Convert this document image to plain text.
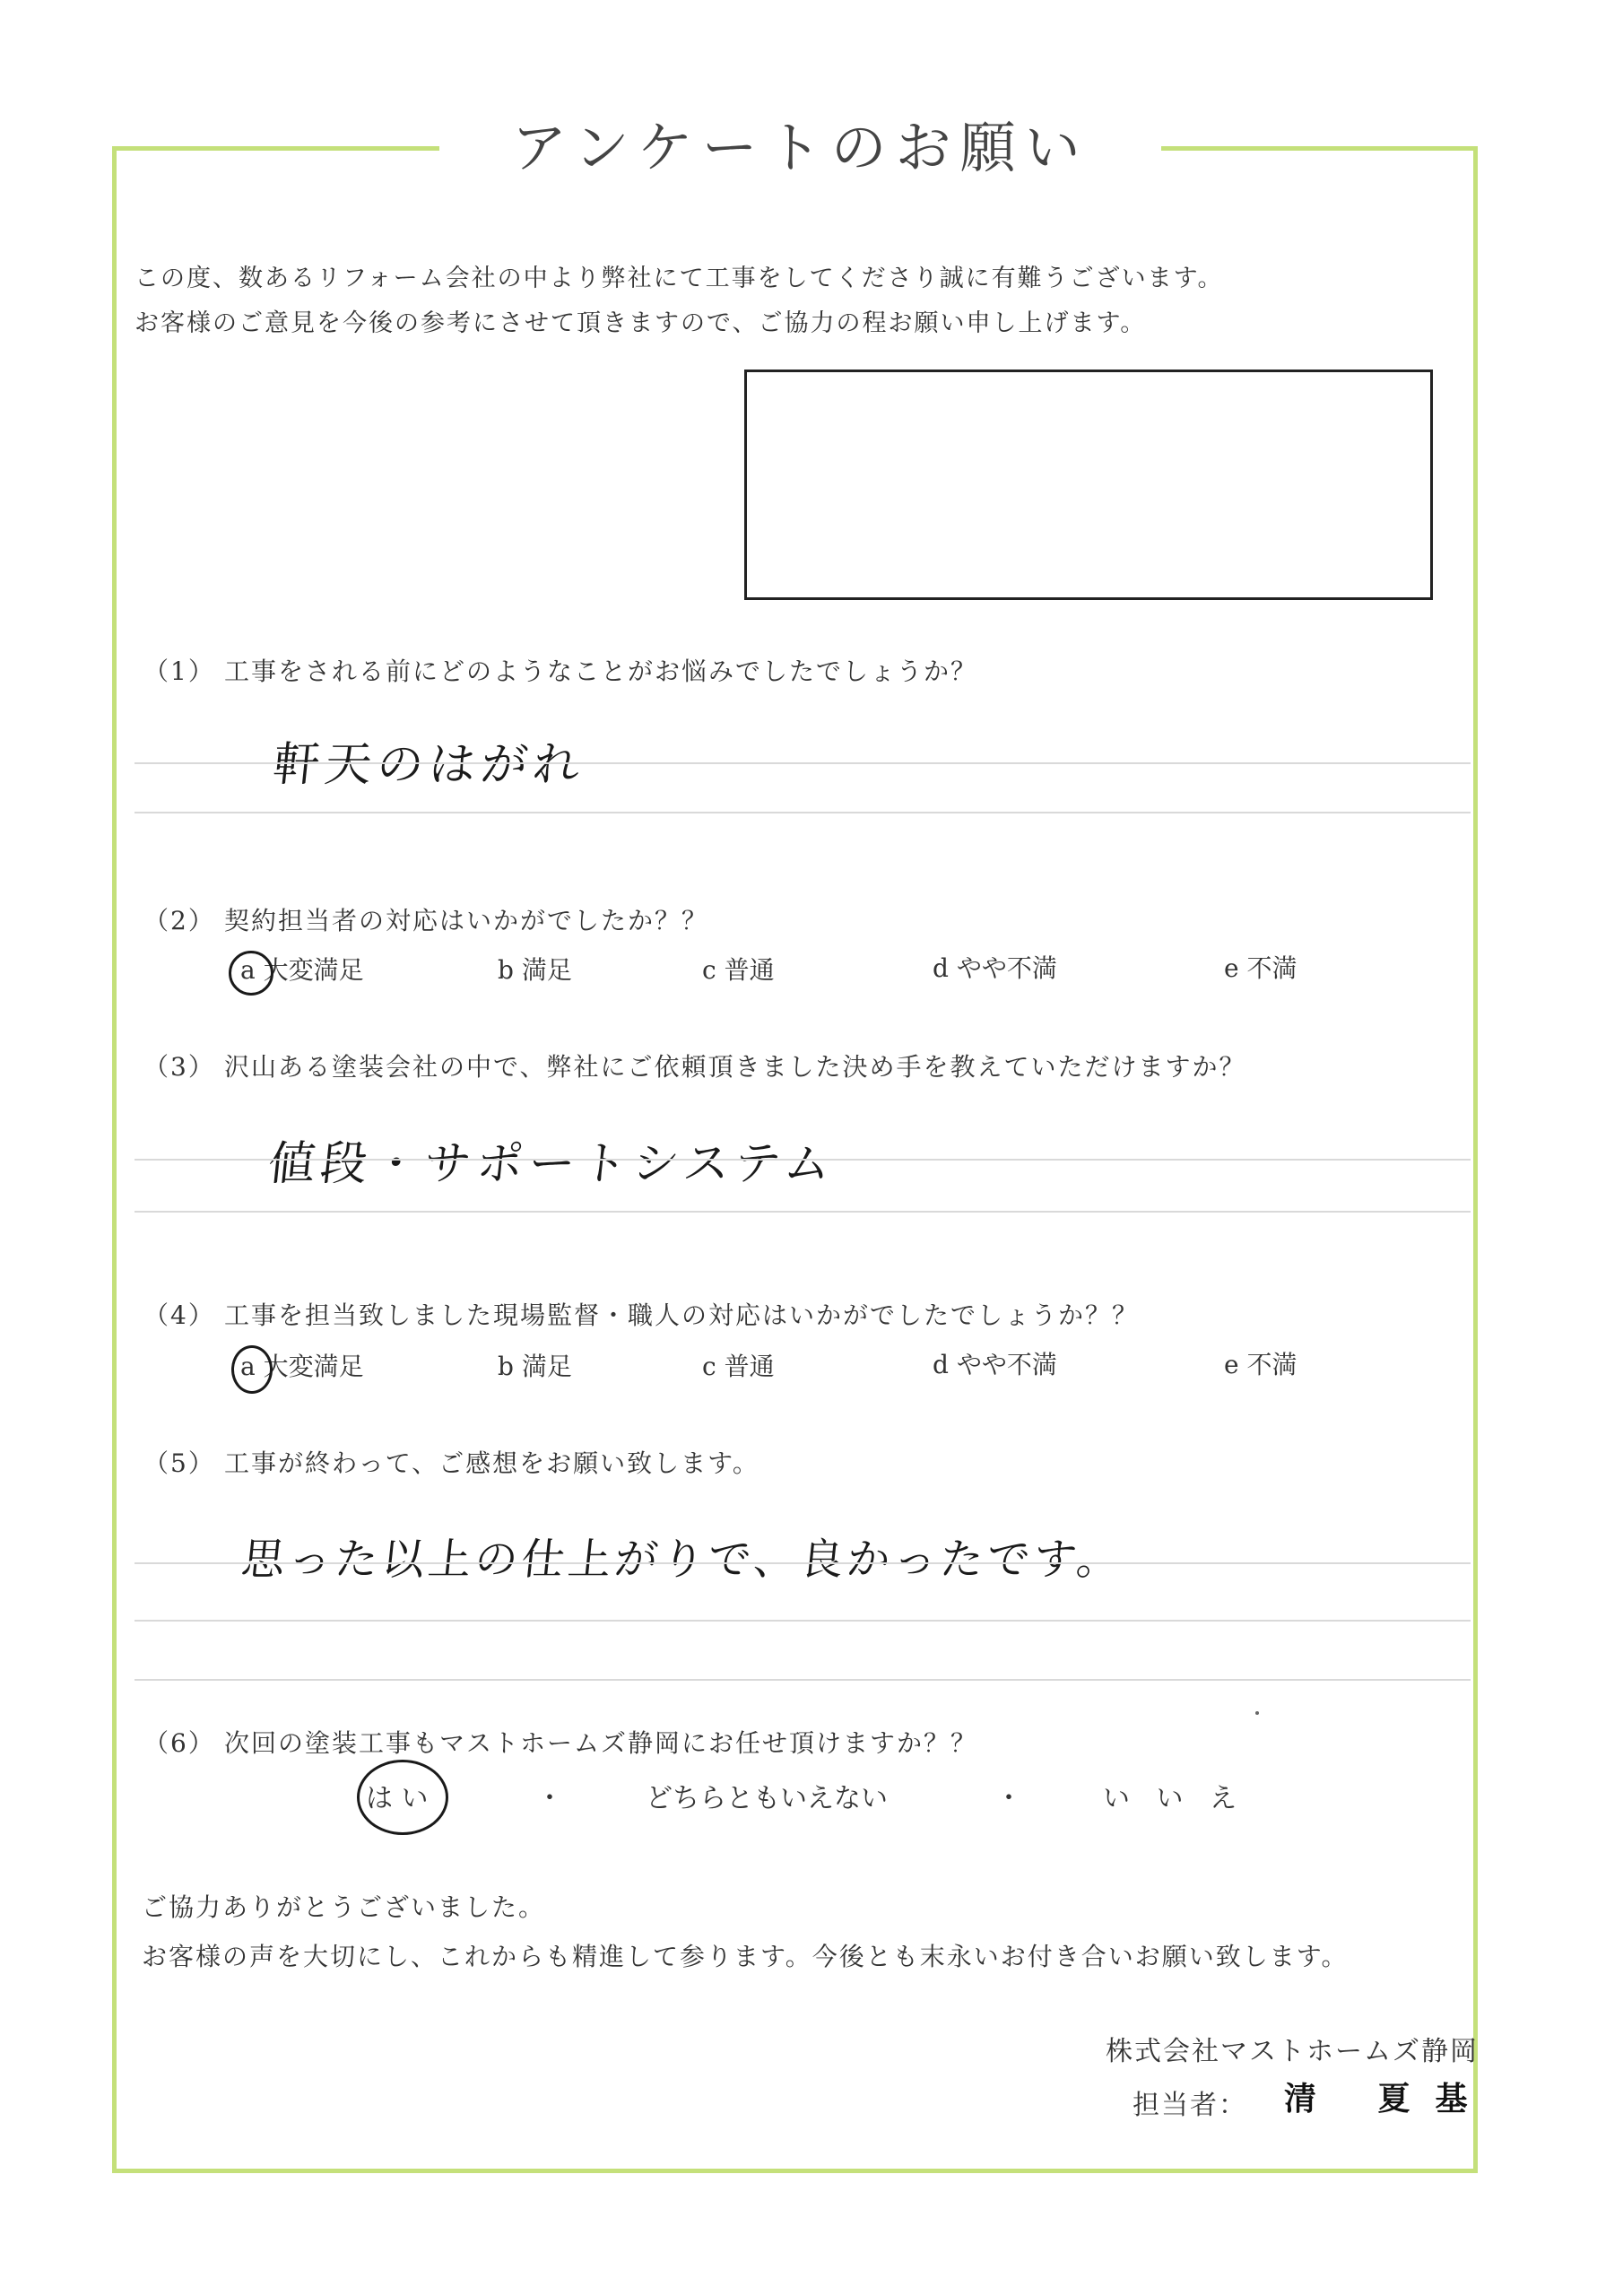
アンケートのお願い
この度、数あるリフォーム会社の中より弊社にて工事をしてくださり誠に有難うございます。
お客様のご意見を今後の参考にさせて頂きますので、ご協力の程お願い申し上げます。
（1） 工事をされる前にどのようなことがお悩みでしたでしょうか？
軒天のはがれ
（2） 契約担当者の対応はいかがでしたか？？
a 大変満足	b 満足	c 普通	d やや不満	e 不満
（3） 沢山ある塗装会社の中で、弊社にご依頼頂きました決め手を教えていただけますか？
値段・サポートシステム
（4） 工事を担当致しました現場監督・職人の対応はいかがでしたでしょうか？？
a 大変満足	b 満足	c 普通	d やや不満	e 不満
（5） 工事が終わって、ご感想をお願い致します。
思った以上の仕上がりで、良かったです。
（6） 次回の塗装工事もマストホームズ静岡にお任せ頂けますか？？
は い	・	どちらともいえない	・	い い え
ご協力ありがとうございました。
お客様の声を大切にし、これからも精進して参ります。今後とも末永いお付き合いお願い致します。
株式会社マストホームズ静岡
担当者： 清 夏基
